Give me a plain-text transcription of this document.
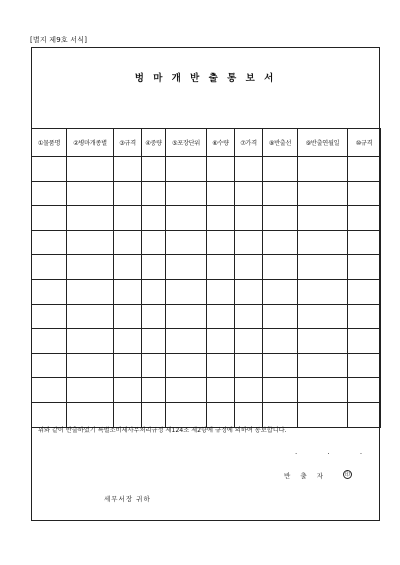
[별지 제9호 서식]
벙 마 개 반 출 통 보 서
①물품명	②병마개종별	③규격	④중량	⑤포장단위	⑥수량	⑦가격	⑧반출선	⑨반출연월일	⑩규격

위와 같이 반출하였기 특별소비세사무처리규정 제124조 제2항에 규정에 의하여 통보합니다.
. . .
반 출 자	印
세무서장 귀하
